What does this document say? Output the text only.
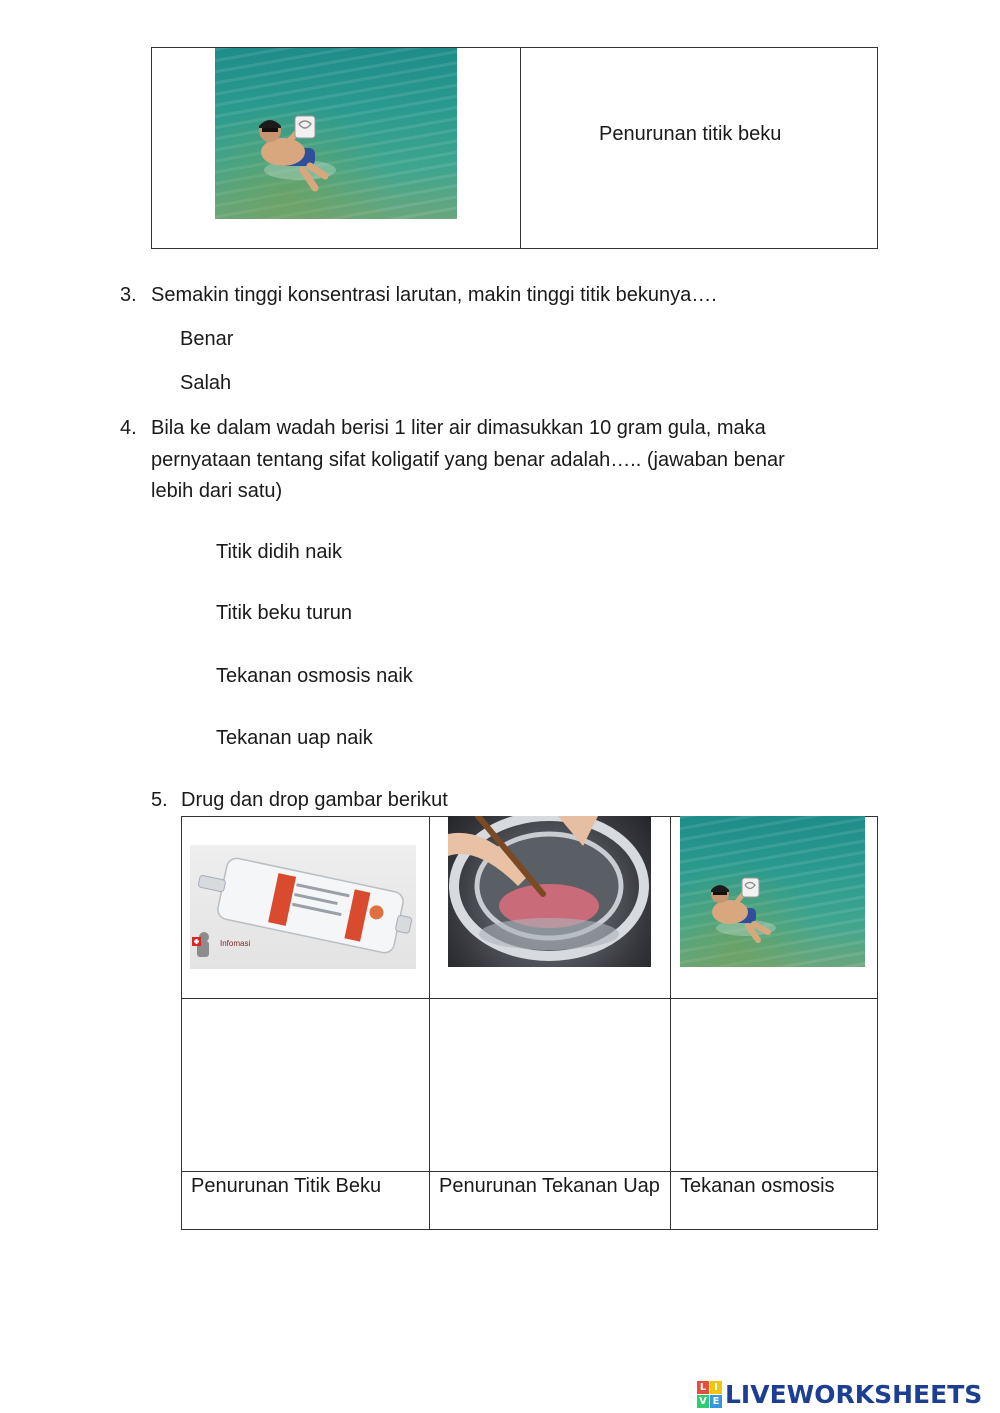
Penurunan titik beku
3. Semakin tinggi konsentrasi larutan, makin tinggi titik bekunya….
Benar
Salah
4. Bila ke dalam wadah berisi 1 liter air dimasukkan 10 gram gula, maka
pernyataan tentang sifat koligatif yang benar adalah….. (jawaban benar
lebih dari satu)
Titik didih naik
Titik beku turun
Tekanan osmosis naik
Tekanan uap naik
5. Drug dan drop gambar berikut
Infomasi
Penurunan Titik Beku	Penurunan Tekanan Uap Tekanan osmosis
L I
V E LIVEWORKSHEETS
